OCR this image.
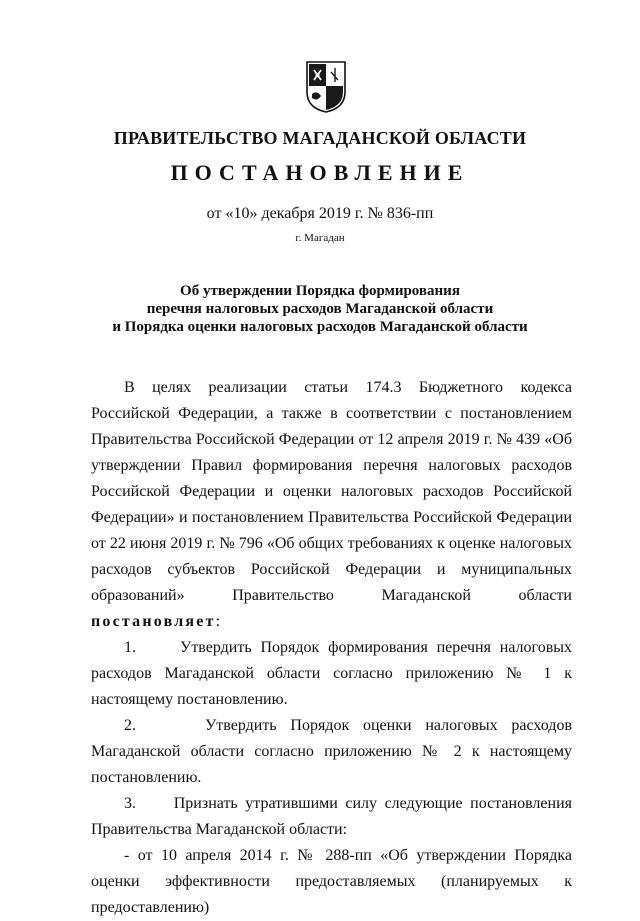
ПРАВИТЕЛЬСТВО МАГАДАНСКОЙ ОБЛАСТИ
ПОСТАНОВЛЕНИЕ
от «10» декабря 2019 г. № 836-пп
г. Магадан
Об утверждении Порядка формирования
перечня налоговых расходов Магаданской области
и Порядка оценки налоговых расходов Магаданской области

В целях реализации статьи 174.3 Бюджетного кодекса Российской Федерации, а также в соответствии с постановлением Правительства Российской Федерации от 12 апреля 2019 г. № 439 «Об утверждении Правил формирования перечня налоговых расходов Российской Федерации и оценки налоговых расходов Российской Федерации» и постановлением Правительства Российской Федерации от 22 июня 2019 г. № 796 «Об общих требованиях к оценке налоговых расходов субъектов Российской Федерации и муниципальных образований» Правительство Магаданской области постановляет:

1.	Утвердить Порядок формирования перечня налоговых расходов Магаданской области согласно приложению № 1 к настоящему постановлению.

2.	Утвердить Порядок оценки налоговых расходов Магаданской области согласно приложению № 2 к настоящему постановлению.

3. Признать утратившими силу следующие постановления Правительства Магаданской области:

- от 10 апреля 2014 г. № 288-пп «Об утверждении Порядка оценки эффективности предоставляемых (планируемых к предоставлению)
